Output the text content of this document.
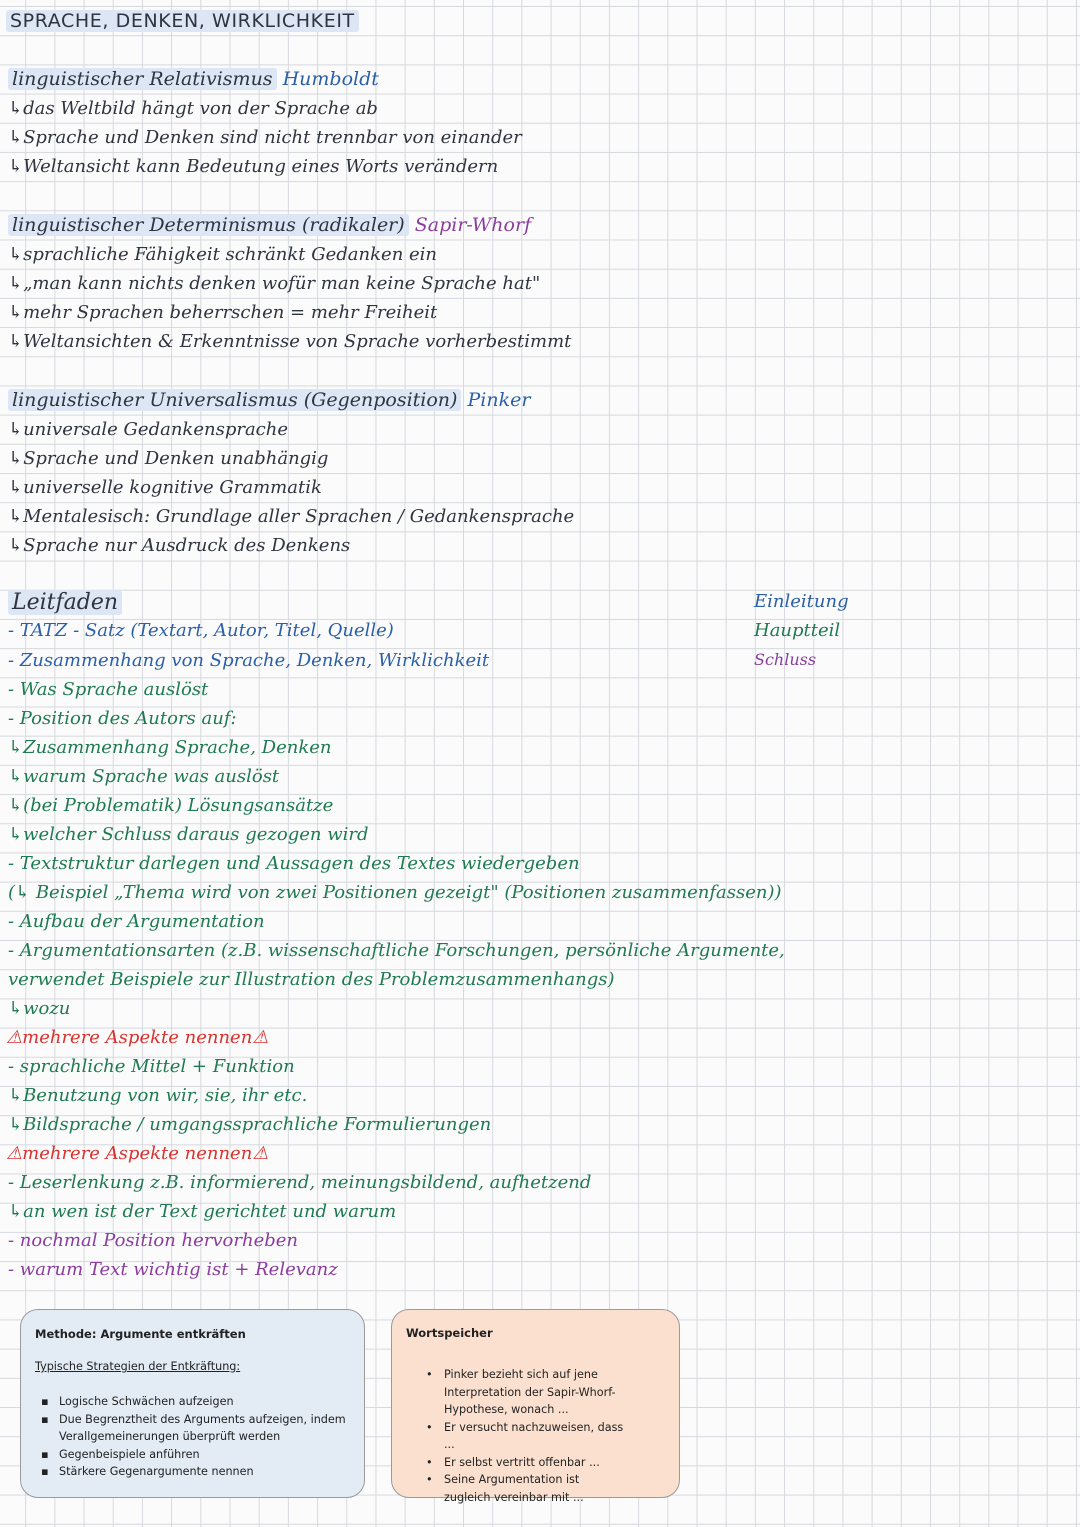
SPRACHE, DENKEN, WIRKLICHKEIT
linguistischer Relativismus Humboldt
↳das Weltbild hängt von der Sprache ab
↳Sprache und Denken sind nicht trennbar von einander
↳Weltansicht kann Bedeutung eines Worts verändern
linguistischer Determinismus (radikaler) Sapir-Whorf
↳sprachliche Fähigkeit schränkt Gedanken ein
↳„man kann nichts denken wofür man keine Sprache hat"
↳mehr Sprachen beherrschen = mehr Freiheit
↳Weltansichten & Erkenntnisse von Sprache vorherbestimmt
linguistischer Universalismus (Gegenposition) Pinker
↳universale Gedankensprache
↳Sprache und Denken unabhängig
↳universelle kognitive Grammatik
↳Mentalesisch: Grundlage aller Sprachen / Gedankensprache
↳Sprache nur Ausdruck des Denkens
Leitfaden	Einleitung
Hauptteil
Schluss
- TATZ - Satz (Textart, Autor, Titel, Quelle)
- Zusammenhang von Sprache, Denken, Wirklichkeit
- Was Sprache auslöst
- Position des Autors auf:
↳Zusammenhang Sprache, Denken
↳warum Sprache was auslöst
↳(bei Problematik) Lösungsansätze
↳welcher Schluss daraus gezogen wird
- Textstruktur darlegen und Aussagen des Textes wiedergeben
(↳ Beispiel „Thema wird von zwei Positionen gezeigt" (Positionen zusammenfassen))
- Aufbau der Argumentation
- Argumentationsarten (z.B. wissenschaftliche Forschungen, persönliche Argumente,
verwendet Beispiele zur Illustration des Problemzusammenhangs)
↳wozu
⚠mehrere Aspekte nennen⚠
- sprachliche Mittel + Funktion
↳Benutzung von wir, sie, ihr etc.
↳Bildsprache / umgangssprachliche Formulierungen
⚠mehrere Aspekte nennen⚠
- Leserlenkung z.B. informierend, meinungsbildend, aufhetzend
↳an wen ist der Text gerichtet und warum
- nochmal Position hervorheben
- warum Text wichtig ist + Relevanz
Methode: Argumente entkräften
Typische Strategien der Entkräftung:
▪ Logische Schwächen aufzeigen
▪ Due Begrenztheit des Arguments aufzeigen, indem Verallgemeinerungen überprüft werden
▪ Gegenbeispiele anführen
▪ Stärkere Gegenargumente nennen
Wortspeicher
• Pinker bezieht sich auf jene Interpretation der Sapir-Whorf-Hypothese, wonach ...
• Er versucht nachzuweisen, dass ...
• Er selbst vertritt offenbar ...
• Seine Argumentation ist zugleich vereinbar mit ...
